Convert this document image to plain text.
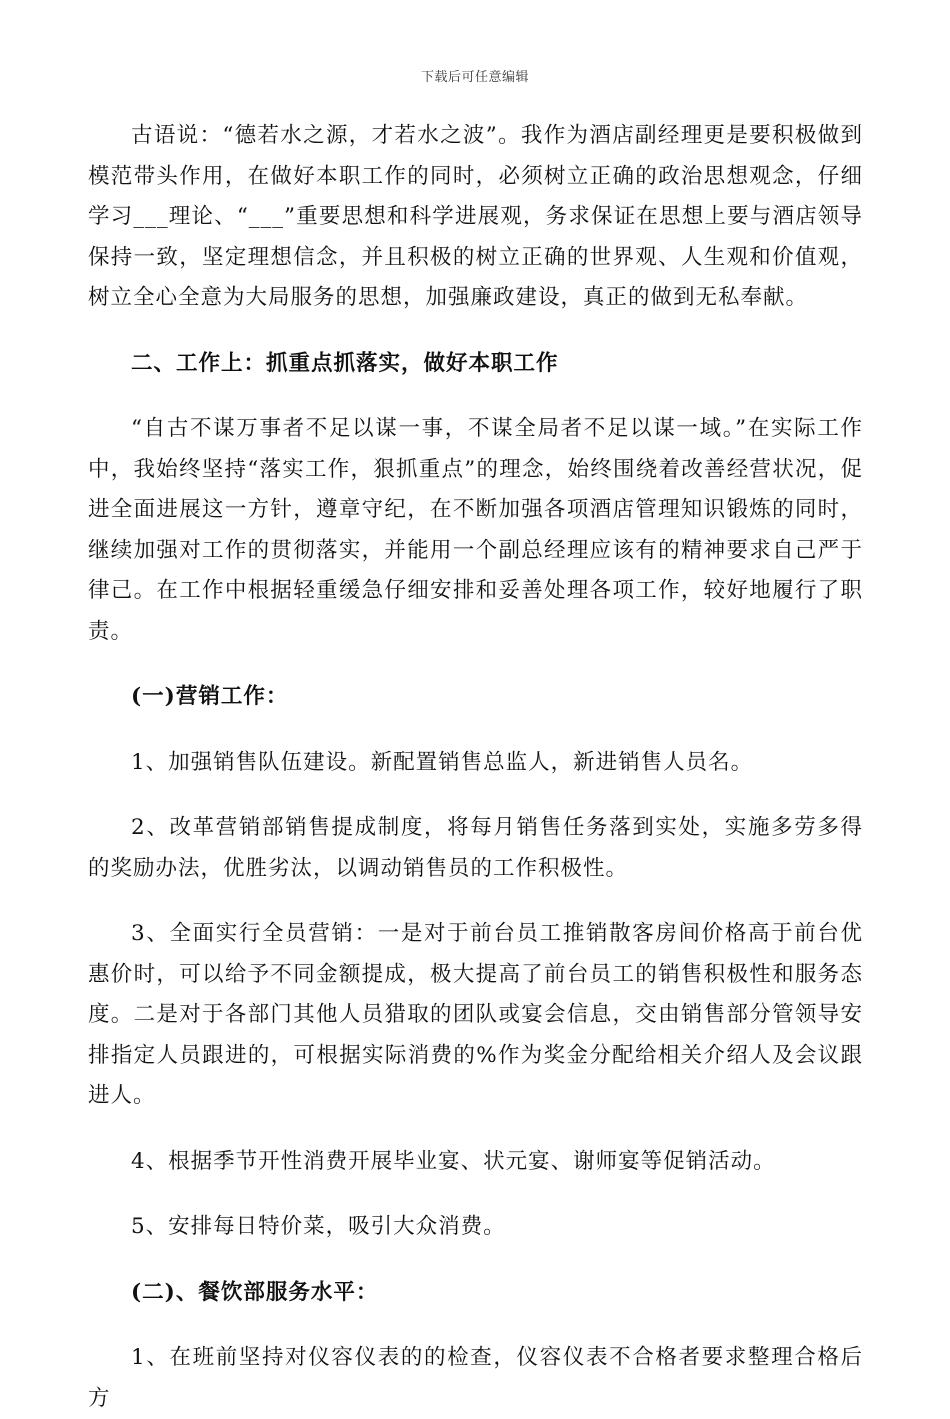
下载后可任意编辑

古语说：“德若水之源，才若水之波”。我作为酒店副经理更是要积极做到模范带头作用，在做好本职工作的同时，必须树立正确的政治思想观念，仔细学习___理论、“___”重要思想和科学进展观，务求保证在思想上要与酒店领导保持一致，坚定理想信念，并且积极的树立正确的世界观、人生观和价值观，树立全心全意为大局服务的思想，加强廉政建设，真正的做到无私奉献。

二、工作上：抓重点抓落实，做好本职工作

“自古不谋万事者不足以谋一事，不谋全局者不足以谋一域。”在实际工作中，我始终坚持“落实工作，狠抓重点”的理念，始终围绕着改善经营状况，促进全面进展这一方针，遵章守纪，在不断加强各项酒店管理知识锻炼的同时，继续加强对工作的贯彻落实，并能用一个副总经理应该有的精神要求自己严于律己。在工作中根据轻重缓急仔细安排和妥善处理各项工作，较好地履行了职责。

(一)营销工作：

1、加强销售队伍建设。新配置销售总监人，新进销售人员名。

2、改革营销部销售提成制度，将每月销售任务落到实处，实施多劳多得的奖励办法，优胜劣汰，以调动销售员的工作积极性。

3、全面实行全员营销：一是对于前台员工推销散客房间价格高于前台优惠价时，可以给予不同金额提成，极大提高了前台员工的销售积极性和服务态度。二是对于各部门其他人员猎取的团队或宴会信息，交由销售部分管领导安排指定人员跟进的，可根据实际消费的%作为奖金分配给相关介绍人及会议跟进人。

4、根据季节开性消费开展毕业宴、状元宴、谢师宴等促销活动。

5、安排每日特价菜，吸引大众消费。

(二)、餐饮部服务水平：

1、在班前坚持对仪容仪表的的检查，仪容仪表不合格者要求整理合格后方
